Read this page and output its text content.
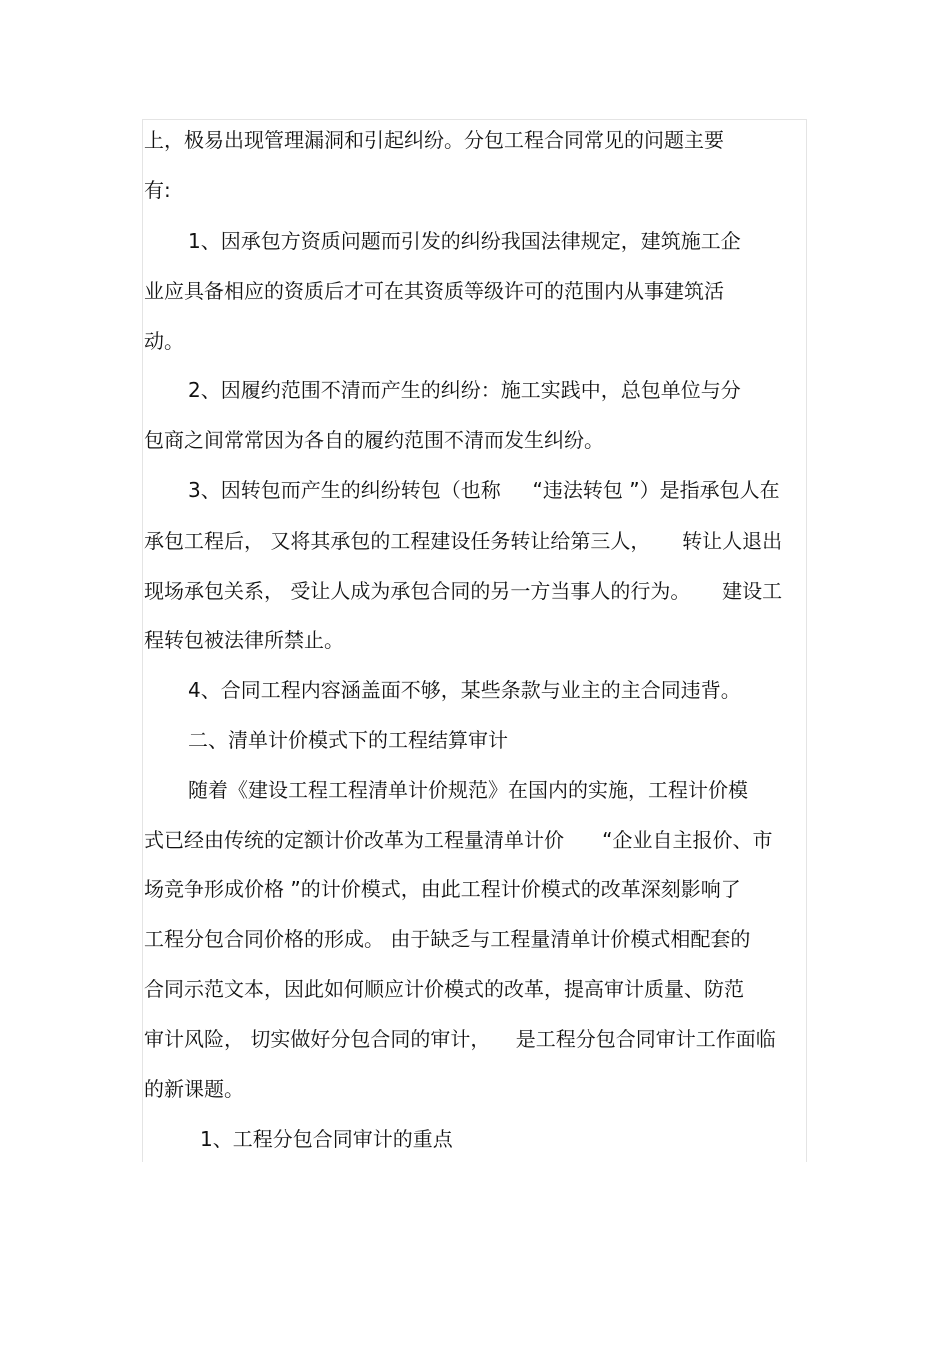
上，极易出现管理漏洞和引起纠纷。分包工程合同常见的问题主要
有:
1、因承包方资质问题而引发的纠纷我国法律规定，建筑施工企
业应具备相应的资质后才可在其资质等级许可的范围内从事建筑活
动。
2、因履约范围不清而产生的纠纷：施工实践中，总包单位与分
包商之间常常因为各自的履约范围不清而发生纠纷。
3、因转包而产生的纠纷转包（也称     “违法转包 ”）是指承包人在
承包工程后， 又将其承包的工程建设任务转让给第三人，     转让人退出
现场承包关系， 受让人成为承包合同的另一方当事人的行为。     建设工
程转包被法律所禁止。
4、合同工程内容涵盖面不够，某些条款与业主的主合同违背。
二、清单计价模式下的工程结算审计
随着《建设工程工程清单计价规范》在国内的实施，工程计价模
式已经由传统的定额计价改革为工程量清单计价      “企业自主报价、市
场竞争形成价格 ”的计价模式，由此工程计价模式的改革深刻影响了
工程分包合同价格的形成。 由于缺乏与工程量清单计价模式相配套的
合同示范文本，因此如何顺应计价模式的改革，提高审计质量、防范
审计风险， 切实做好分包合同的审计，    是工程分包合同审计工作面临
的新课题。
1、工程分包合同审计的重点
